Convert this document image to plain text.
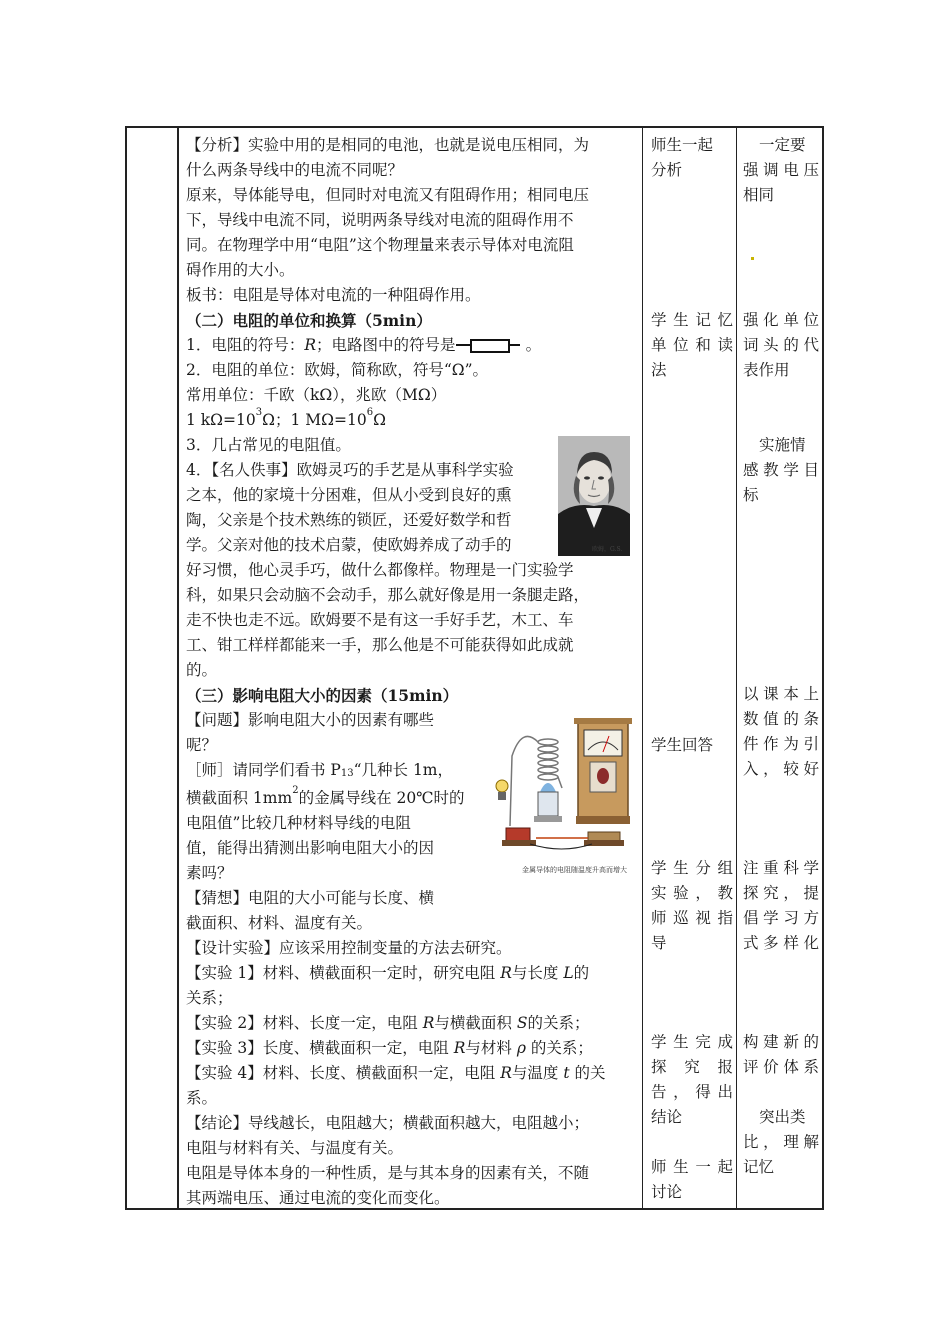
【分析】实验中用的是相同的电池，也就是说电压相同，为
什么两条导线中的电流不同呢？
原来，导体能导电，但同时对电流又有阻碍作用；相同电压
下，导线中电流不同，说明两条导线对电流的阻碍作用不
同。在物理学中用“电阻”这个物理量来表示导体对电流阻
碍作用的大小。
板书：电阻是导体对电流的一种阻碍作用。
（二）电阻的单位和换算（5min）
1．电阻的符号：R；电路图中的符号是	。
2．电阻的单位：欧姆，简称欧，符号“Ω”。
常用单位：千欧（kΩ），兆欧（MΩ）
1 $k\Omega=10^3\Omega$；1 $M\Omega=10^6\Omega$
3．几占常见的电阻值。
4．【名人佚事】欧姆灵巧的手艺是从事科学实验
之本，他的家境十分困难，但从小受到良好的熏
陶，父亲是个技术熟练的锁匠，还爱好数学和哲
学。父亲对他的技术启蒙，使欧姆养成了动手的
好习惯，他心灵手巧，做什么都像样。物理是一门实验学
科，如果只会动脑不会动手，那么就好像是用一条腿走路，
走不快也走不远。欧姆要不是有这一手好手艺，木工、车
工、钳工样样都能来一手，那么他是不可能获得如此成就
的。
（三）影响电阻大小的因素（15min）
【问题】影响电阻大小的因素有哪些
呢？
［师］请同学们看书 P13“几种长 1m，
横截面积 $1mm^2$的金属导线在 20℃时的
电阻值”比较几种材料导线的电阻
值，能得出猜测出影响电阻大小的因
素吗？
【猜想】电阻的大小可能与长度、横
截面积、材料、温度有关。
【设计实验】应该采用控制变量的方法去研究。
【实验 1】材料、横截面积一定时，研究电阻 R与长度 L的
关系；
【实验 2】材料、长度一定，电阻 R与横截面积 S的关系；
【实验 3】长度、横截面积一定，电阻 R与材料 ρ 的关系；
【实验 4】材料、长度、横截面积一定，电阻 R与温度 t 的关
系。
【结论】导线越长，电阻越大；横截面积越大，电阻越小；
电阻与材料有关、与温度有关。
电阻是导体本身的一种性质，是与其本身的因素有关，不随
其两端电压、通过电流的变化而变化。
欧姆，G.S.
金属导体的电阻随温度升高而增大
师生一起
分析
学生记忆
单位和读
法
学生回答
学生分组
实验，教
师巡视指
导
学生完成
探究报
告，得出
结论
师生一起
讨论
一定要
强调电压
相同
强化单位
词头的代
表作用
实施情
感教学目
标
以课本上
数值的条
件作为引
入，较好
注重科学
探究，提
倡学习方
式多样化
构建新的
评价体系
突出类
比，理解
记忆
